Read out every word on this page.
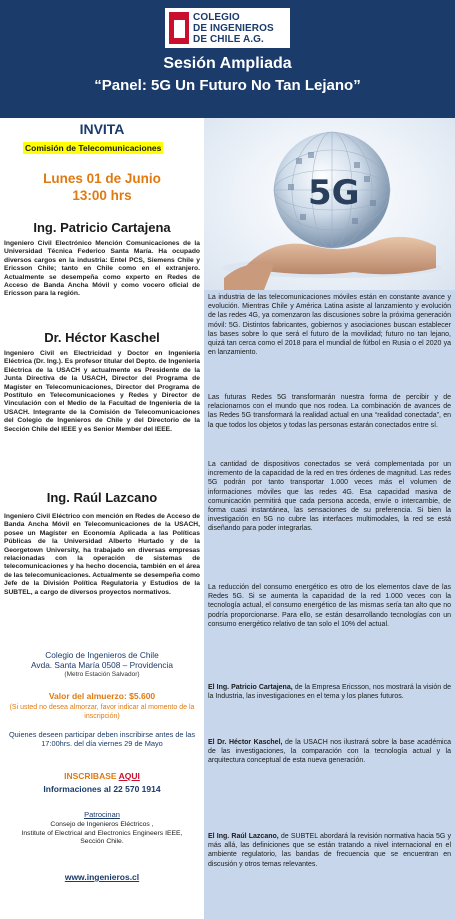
COLEGIO
DE INGENIEROS
DE CHILE A.G.
Sesión Ampliada
“Panel: 5G Un Futuro No Tan Lejano”
5G
INVITA
Comisión de Telecomunicaciones
Lunes 01 de Junio
13:00 hrs
Ing. Patricio Cartajena
Ingeniero Civil Electrónico Mención Comunicaciones de la Universidad Técnica Federico Santa María. Ha ocupado diversos cargos en la industria: Entel PCS, Siemens Chile y Ericsson Chile; tanto en Chile como en el extranjero. Actualmente se desempeña como experto en Redes de Acceso de Banda Ancha Móvil y como vocero oficial de Ericsson para la región.
Dr. Héctor Kaschel
Ingeniero Civil en Electricidad y Doctor en Ingeniería Eléctrica (Dr. Ing.). Es profesor titular del Depto. de Ingeniería Eléctrica de la USACH y actualmente es Presidente de la Junta Directiva de la USACH, Director del Programa de Magíster en Telecomunicaciones, Director del Programa de Postítulo en Telecomunicaciones y Redes y Director de Vinculación con el Medio de la Facultad de Ingeniería de la USACH. Integrante de la Comisión de Telecomunicaciones del Colegio de Ingenieros de Chile y del Directorio de la Sección Chile del IEEE y es Senior Member del IEEE.
Ing. Raúl Lazcano
Ingeniero Civil Eléctrico con mención en Redes de Acceso de Banda Ancha Móvil en Telecomunicaciones de la USACH, posee un Magíster en Economía Aplicada a las Políticas Públicas de la Universidad Alberto Hurtado y de la Georgetown University, ha trabajado en diversas empresas relacionadas con la operación de sistemas de telecomunicaciones y ha hecho docencia, también en el área de las telecomunicaciones. Actualmente se desempeña como Jefe de la División Política Regulatoria y Estudios de la SUBTEL, a cargo de diversos proyectos normativos.
Colegio de Ingenieros de Chile
Avda. Santa María 0508 – Providencia
(Metro Estación Salvador)
Valor del almuerzo: $5.600
(Si usted no desea almorzar, favor indicar al momento de la inscripción)
Quienes deseen participar deben inscribirse antes de las 17:00hrs. del día viernes 29 de Mayo
INSCRIBASE AQUI
Informaciones al 22 570 1914
Patrocinan
Consejo de Ingenieros Eléctricos ,
Institute of Electrical and Electronics Engineers IEEE,
Sección Chile.
www.ingenieros.cl
La industria de las telecomunicaciones móviles están en constante avance y evolución. Mientras Chile y América Latina asiste al lanzamiento y evolución de las redes 4G, ya comenzaron las discusiones sobre la próxima generación móvil: 5G. Distintos fabricantes, gobiernos y asociaciones buscan establecer las bases sobre lo que será el futuro de la movilidad; futuro no tan lejano, quizá tan cerca como el 2018 para el mundial de fútbol en Rusia o el 2020 ya en lanzamiento.
Las futuras Redes 5G transformarán nuestra forma de percibir y de relacionarnos con el mundo que nos rodea. La combinación de avances de las Redes 5G transformará la realidad actual en una “realidad conectada”, en la que todos los objetos y todas las personas estarán conectados entre sí.
La cantidad de dispositivos conectados se verá complementada por un incremento de la capacidad de la red en tres órdenes de magnitud. Las redes 5G podrán por tanto transportar 1.000 veces más el volumen de informaciones móviles que las redes 4G. Esa capacidad masiva de comunicación permitirá que cada persona acceda, envíe o intercambie, de forma cuasi instantánea, las sensaciones de su preferencia. Si bien la investigación en 5G no cubre las interfaces multimodales, la red se está diseñando para poder integrarlas.
La reducción del consumo energético es otro de los elementos clave de las Redes 5G. Si se aumenta la capacidad de la red 1.000 veces con la tecnología actual, el consumo energético de las mismas sería tan alto que no podría proporcionarse. Para ello, se están desarrollando tecnologías con un consumo energético relativo de tan solo el 10% del actual.
El Ing. Patricio Cartajena, de la Empresa Ericsson, nos mostrará la visión de la Industria, las investigaciones en el tema y los planes futuros.
El Dr. Héctor Kaschel, de la USACH nos ilustrará sobre la base académica de las investigaciones, la comparación con la tecnología actual y la arquitectura conceptual de esta nueva generación.
El Ing. Raúl Lazcano, de SUBTEL abordará la revisión normativa hacia 5G y más allá, las definiciones que se están tratando a nivel internacional en el ambiente regulatorio, las bandas de frecuencia que se encuentran en discusión y otros temas relevantes.
